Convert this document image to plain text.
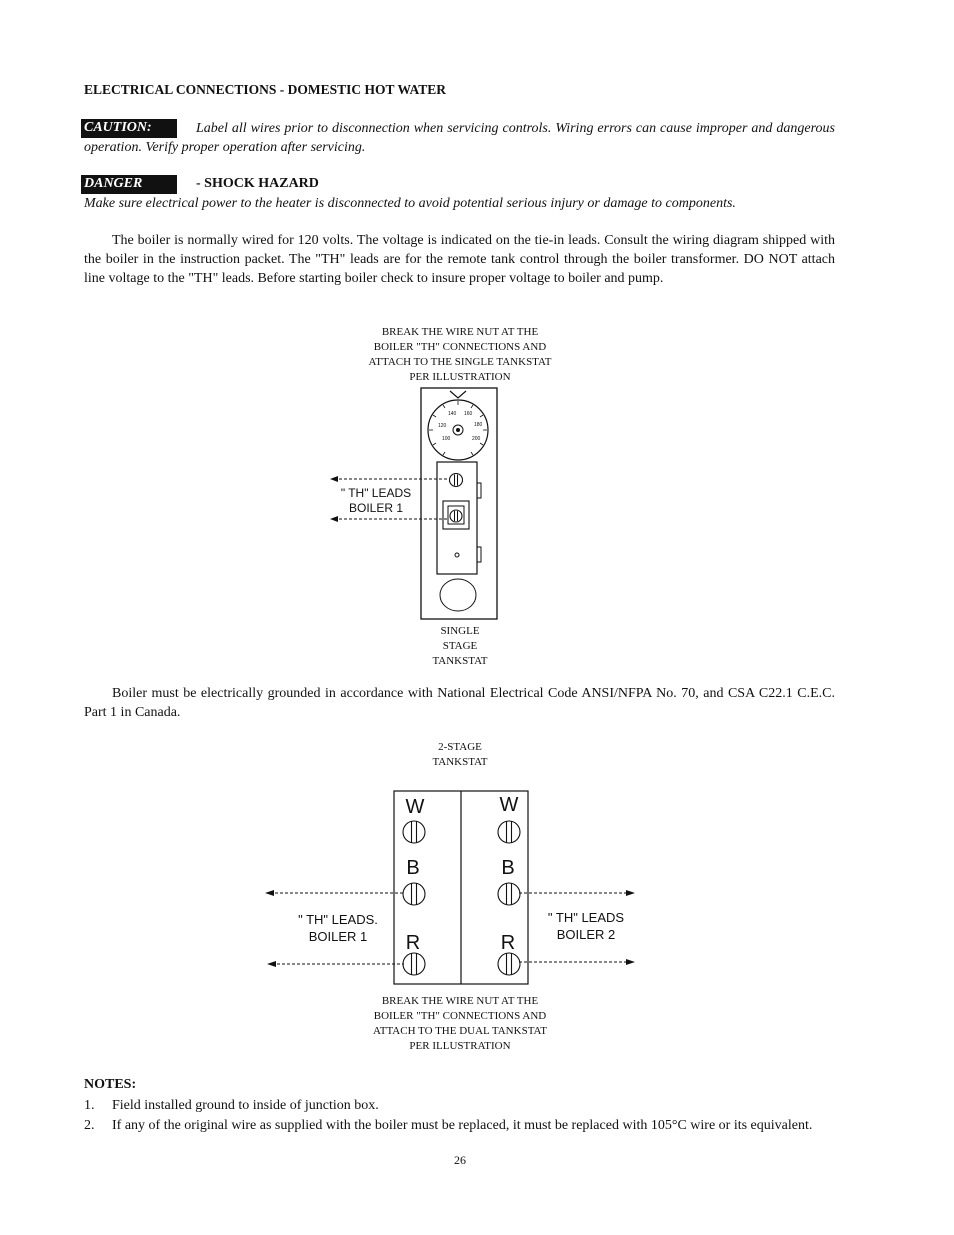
ELECTRICAL CONNECTIONS - DOMESTIC HOT WATER
CAUTION:	Label all wires prior to disconnection when servicing controls. Wiring errors can cause improper and dangerous operation. Verify proper operation after servicing.
DANGER	- SHOCK HAZARD
Make sure electrical power to the heater is disconnected to avoid potential serious injury or damage to components.
The boiler is normally wired for 120 volts. The voltage is indicated on the tie-in leads. Consult the wiring diagram shipped with the boiler in the instruction packet. The "TH" leads are for the remote tank control through the boiler transformer. DO NOT attach line voltage to the "TH" leads. Before starting boiler check to insure proper voltage to boiler and pump.
BREAK THE WIRE NUT AT THE
BOILER "TH" CONNECTIONS AND
ATTACH TO THE SINGLE TANKSTAT
PER ILLUSTRATION
140 160
180
120
100	200
" TH" LEADS
BOILER 1
SINGLE
STAGE
TANKSTAT
Boiler must be electrically grounded in accordance with National Electrical Code ANSI/NFPA No. 70, and CSA C22.1 C.E.C. Part 1 in Canada.
2-STAGE
TANKSTAT
W	W
B	B
R	R
" TH" LEADS.
BOILER 1
" TH" LEADS
BOILER 2
BREAK THE WIRE NUT AT THE
BOILER "TH" CONNECTIONS AND
ATTACH TO THE DUAL TANKSTAT
PER ILLUSTRATION
NOTES:
1. Field installed ground to inside of junction box.
2. If any of the original wire as supplied with the boiler must be replaced, it must be replaced with 105°C wire or its equivalent.
26
